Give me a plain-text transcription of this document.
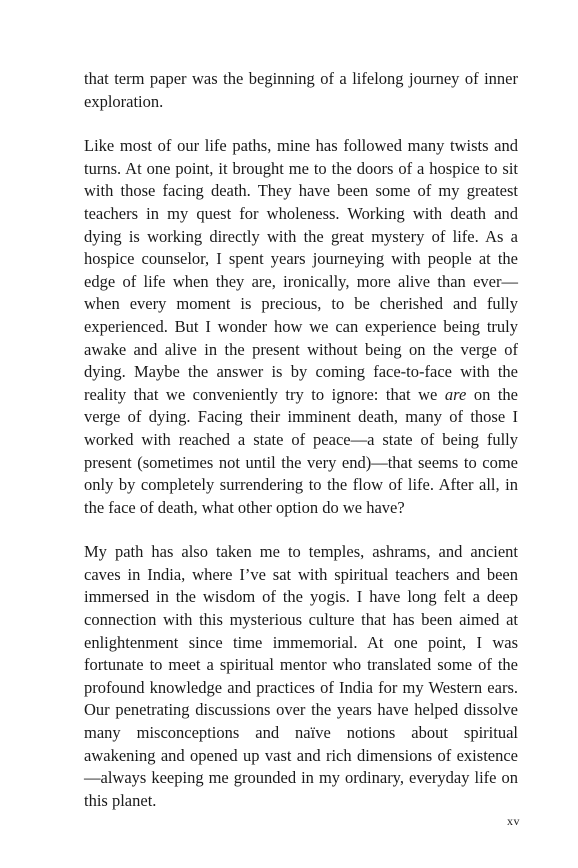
that term paper was the beginning of a lifelong journey of inner exploration.

Like most of our life paths, mine has followed many twists and turns. At one point, it brought me to the doors of a hospice to sit with those facing death. They have been some of my greatest teachers in my quest for wholeness. Working with death and dying is working directly with the great mystery of life. As a hospice counselor, I spent years journeying with people at the edge of life when they are, ironically, more alive than ever—when every moment is precious, to be cherished and fully experienced. But I wonder how we can experience being truly awake and alive in the present without being on the verge of dying. Maybe the answer is by coming face-to-face with the reality that we conveniently try to ignore: that we are on the verge of dying. Facing their imminent death, many of those I worked with reached a state of peace—a state of being fully present (sometimes not until the very end)—that seems to come only by completely surrendering to the flow of life. After all, in the face of death, what other option do we have?

My path has also taken me to temples, ashrams, and ancient caves in India, where I’ve sat with spiritual teachers and been immersed in the wisdom of the yogis. I have long felt a deep connection with this mysterious culture that has been aimed at enlightenment since time immemorial. At one point, I was fortunate to meet a spiritual mentor who translated some of the profound knowledge and practices of India for my Western ears. Our penetrating discussions over the years have helped dissolve many misconceptions and naïve notions about spiritual awakening and opened up vast and rich dimensions of existence—always keeping me grounded in my ordinary, everyday life on this planet.

xv
